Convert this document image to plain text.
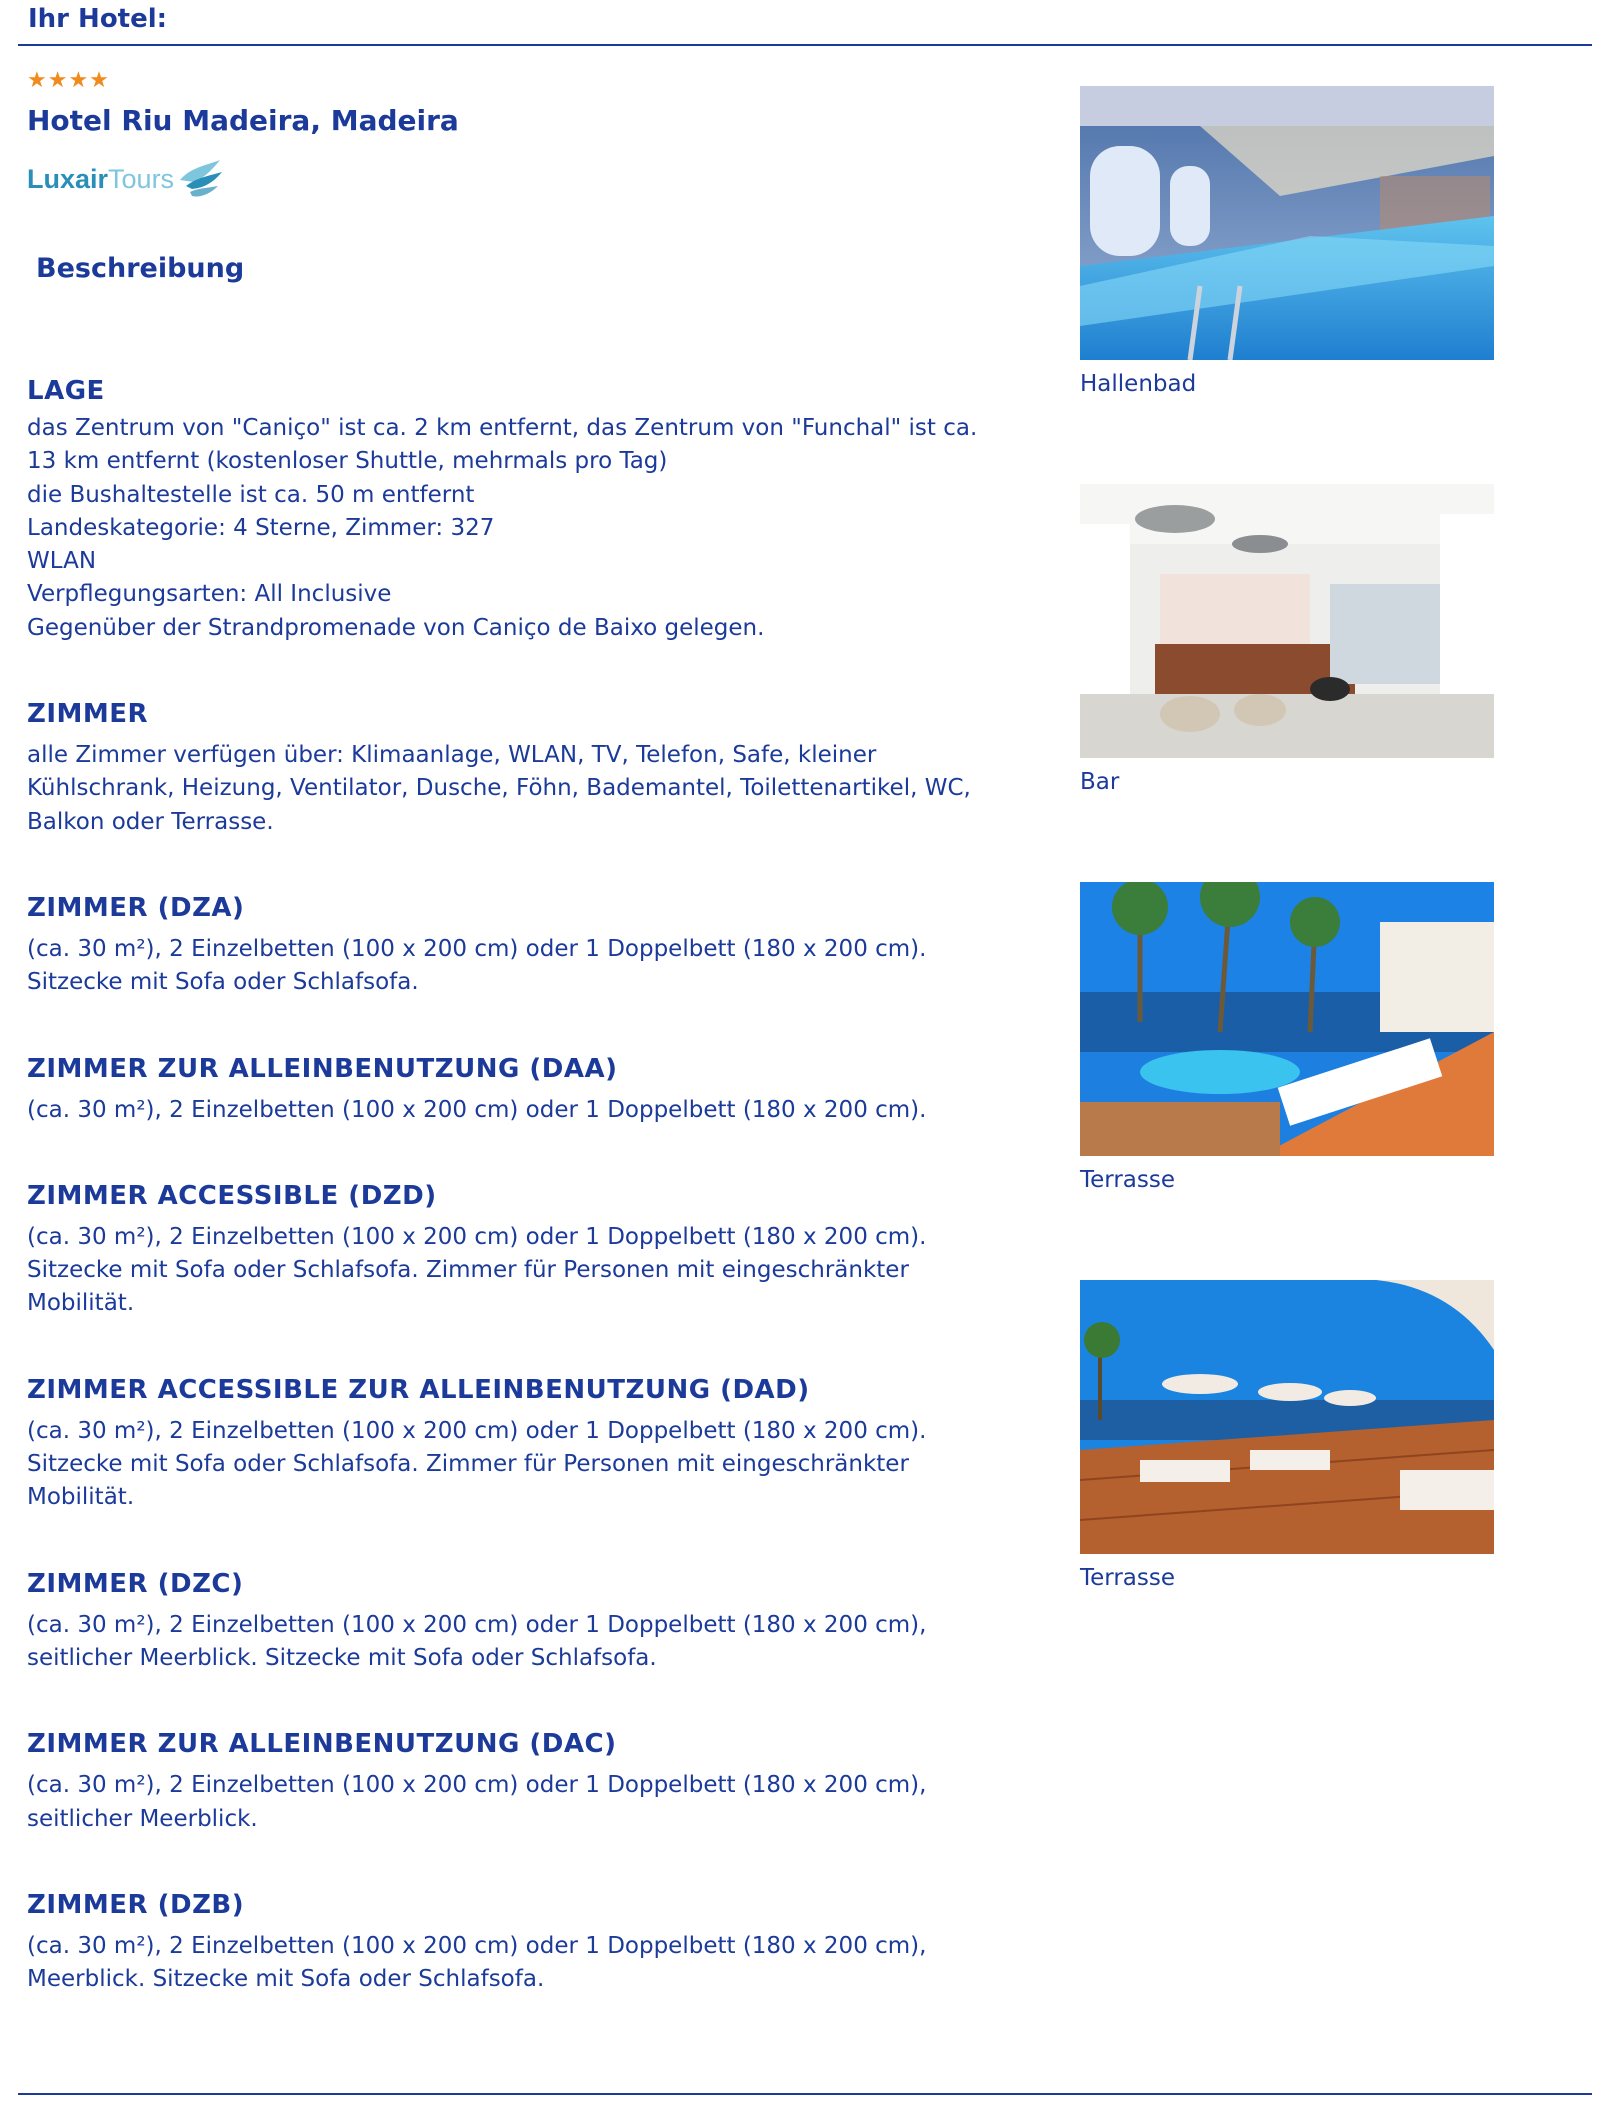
Ihr Hotel:
★★★★
Hotel Riu Madeira, Madeira
LuxairTours
Beschreibung
LAGE

das Zentrum von "Caniço" ist ca. 2 km entfernt, das Zentrum von "Funchal" ist ca.
13 km entfernt (kostenloser Shuttle, mehrmals pro Tag)
die Bushaltestelle ist ca. 50 m entfernt
Landeskategorie: 4 Sterne, Zimmer: 327
WLAN
Verpflegungsarten: All Inclusive
Gegenüber der Strandpromenade von Caniço de Baixo gelegen.

ZIMMER

alle Zimmer verfügen über: Klimaanlage, WLAN, TV, Telefon, Safe, kleiner
Kühlschrank, Heizung, Ventilator, Dusche, Föhn, Bademantel, Toilettenartikel, WC,
Balkon oder Terrasse.

ZIMMER (DZA)

(ca. 30 m²), 2 Einzelbetten (100 x 200 cm) oder 1 Doppelbett (180 x 200 cm).
Sitzecke mit Sofa oder Schlafsofa.

ZIMMER ZUR ALLEINBENUTZUNG (DAA)

(ca. 30 m²), 2 Einzelbetten (100 x 200 cm) oder 1 Doppelbett (180 x 200 cm).

ZIMMER ACCESSIBLE (DZD)

(ca. 30 m²), 2 Einzelbetten (100 x 200 cm) oder 1 Doppelbett (180 x 200 cm).
Sitzecke mit Sofa oder Schlafsofa. Zimmer für Personen mit eingeschränkter
Mobilität.

ZIMMER ACCESSIBLE ZUR ALLEINBENUTZUNG (DAD)

(ca. 30 m²), 2 Einzelbetten (100 x 200 cm) oder 1 Doppelbett (180 x 200 cm).
Sitzecke mit Sofa oder Schlafsofa. Zimmer für Personen mit eingeschränkter
Mobilität.

ZIMMER (DZC)

(ca. 30 m²), 2 Einzelbetten (100 x 200 cm) oder 1 Doppelbett (180 x 200 cm),
seitlicher Meerblick. Sitzecke mit Sofa oder Schlafsofa.

ZIMMER ZUR ALLEINBENUTZUNG (DAC)

(ca. 30 m²), 2 Einzelbetten (100 x 200 cm) oder 1 Doppelbett (180 x 200 cm),
seitlicher Meerblick.

ZIMMER (DZB)

(ca. 30 m²), 2 Einzelbetten (100 x 200 cm) oder 1 Doppelbett (180 x 200 cm),
Meerblick. Sitzecke mit Sofa oder Schlafsofa.

Hallenbad
Bar
Terrasse
Terrasse
